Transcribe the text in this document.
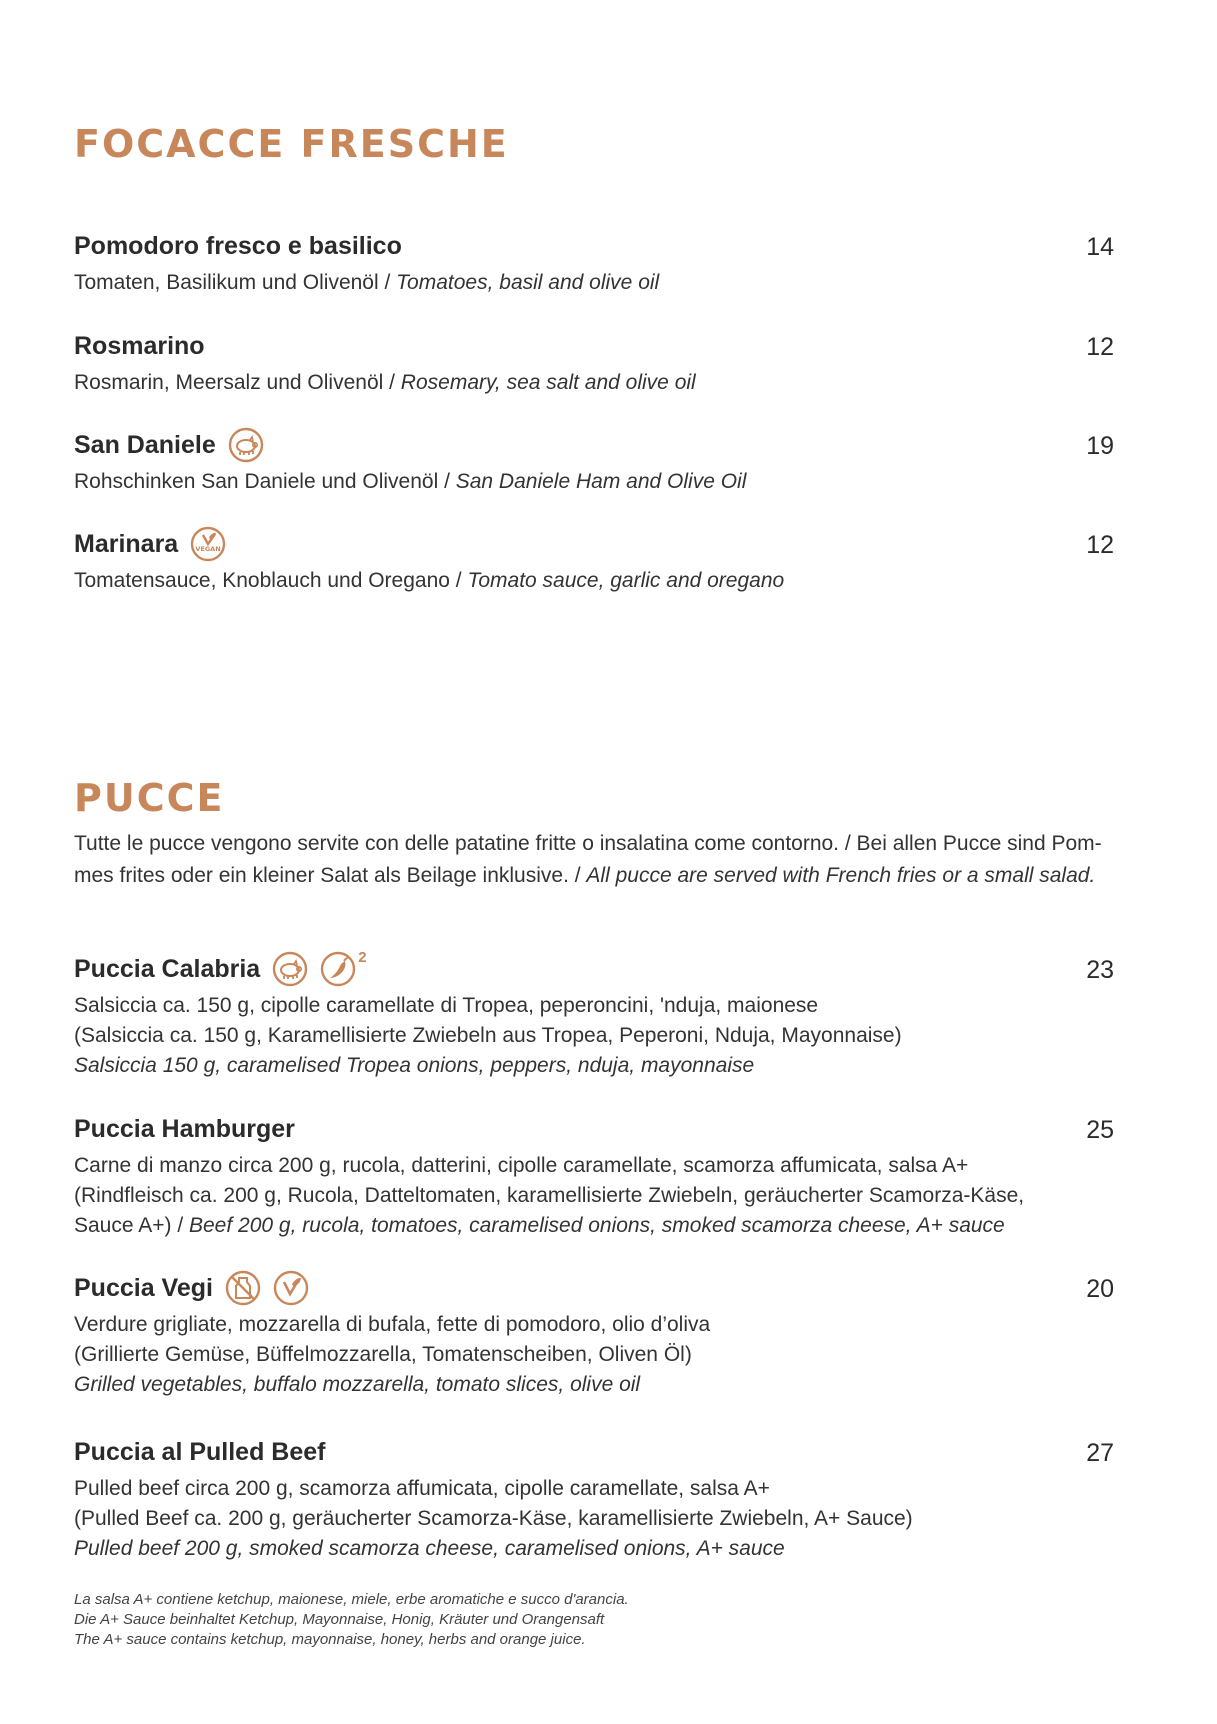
FOCACCE FRESCHE
Pomodoro fresco e basilico	14
Tomaten, Basilikum und Olivenöl / Tomatoes, basil and olive oil
Rosmarino	12
Rosmarin, Meersalz und Olivenöl / Rosemary, sea salt and olive oil
San Daniele	19
Rohschinken San Daniele und Olivenöl / San Daniele Ham and Olive Oil
Marinara	VEGAN	12
Tomatensauce, Knoblauch und Oregano / Tomato sauce, garlic and oregano
PUCCE
Tutte le pucce vengono servite con delle patatine fritte o insalatina come contorno. / Bei allen Pucce sind Pom-
mes frites oder ein kleiner Salat als Beilage inklusive. / All pucce are served with French fries or a small salad.
Puccia Calabria	2	23
Salsiccia ca. 150 g, cipolle caramellate di Tropea, peperoncini, 'nduja, maionese
(Salsiccia ca. 150 g, Karamellisierte Zwiebeln aus Tropea, Peperoni, Nduja, Mayonnaise)
Salsiccia 150 g, caramelised Tropea onions, peppers, nduja, mayonnaise
Puccia Hamburger	25
Carne di manzo circa 200 g, rucola, datterini, cipolle caramellate, scamorza affumicata, salsa A+
(Rindfleisch ca. 200 g, Rucola, Datteltomaten, karamellisierte Zwiebeln, geräucherter Scamorza-Käse,
Sauce A+) / Beef 200 g, rucola, tomatoes, caramelised onions, smoked scamorza cheese, A+ sauce
Puccia Vegi	20
Verdure grigliate, mozzarella di bufala, fette di pomodoro, olio d’oliva
(Grillierte Gemüse, Büffelmozzarella, Tomatenscheiben, Oliven Öl)
Grilled vegetables, buffalo mozzarella, tomato slices, olive oil
Puccia al Pulled Beef	27
Pulled beef circa 200 g, scamorza affumicata, cipolle caramellate, salsa A+
(Pulled Beef ca. 200 g, geräucherter Scamorza-Käse, karamellisierte Zwiebeln, A+ Sauce)
Pulled beef 200 g, smoked scamorza cheese, caramelised onions, A+ sauce
La salsa A+ contiene ketchup, maionese, miele, erbe aromatiche e succo d'arancia.
Die A+ Sauce beinhaltet Ketchup, Mayonnaise, Honig, Kräuter und Orangensaft
The A+ sauce contains ketchup, mayonnaise, honey, herbs and orange juice.
